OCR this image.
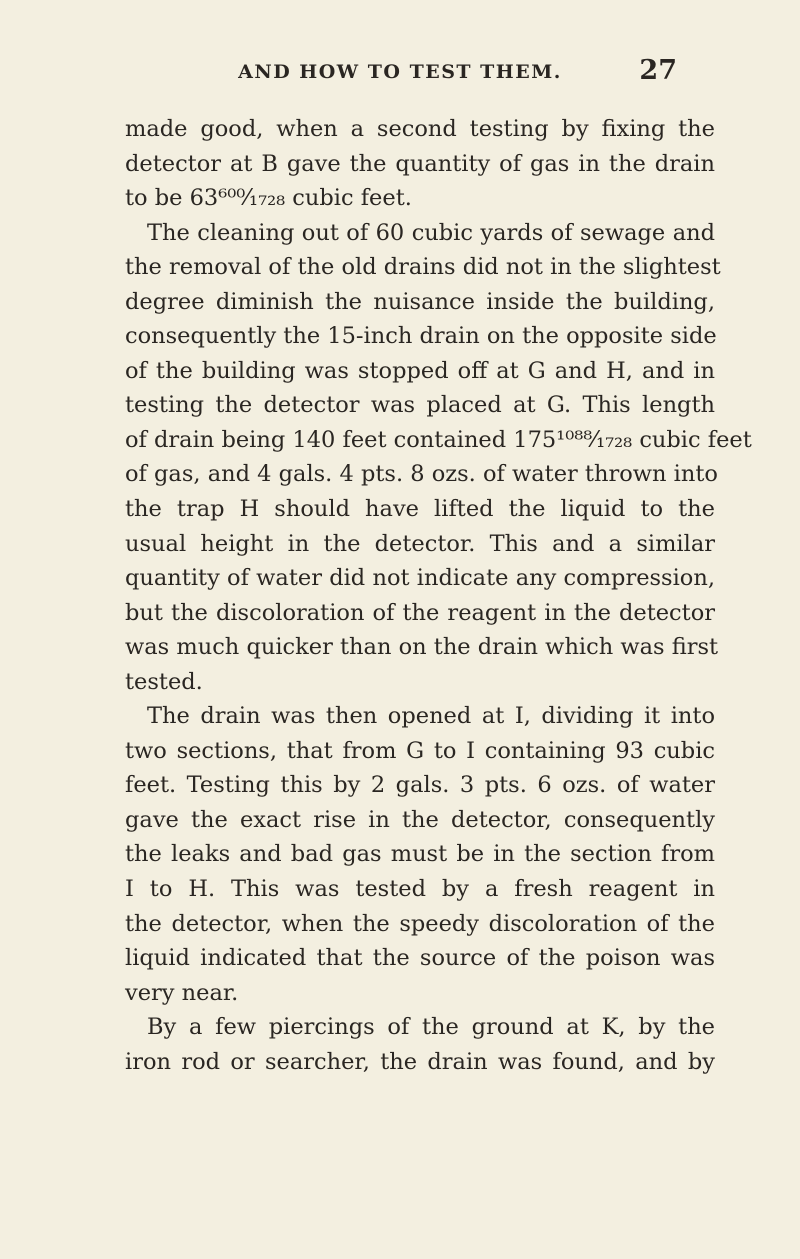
AND HOW TO TEST THEM.	27
made good, when a second testing by fixing the
detector at B gave the quantity of gas in the drain
to be 63⁶⁰⁰⁄₁₇₂₈ cubic feet.
The cleaning out of 60 cubic yards of sewage and
the removal of the old drains did not in the slightest
degree diminish the nuisance inside the building,
consequently the 15-inch drain on the opposite side
of the building was stopped off at G and H, and in
testing the detector was placed at G. This length
of drain being 140 feet contained 175¹⁰⁸⁸⁄₁₇₂₈ cubic feet
of gas, and 4 gals. 4 pts. 8 ozs. of water thrown into
the trap H should have lifted the liquid to the
usual height in the detector. This and a similar
quantity of water did not indicate any compression,
but the discoloration of the reagent in the detector
was much quicker than on the drain which was first
tested.
The drain was then opened at I, dividing it into
two sections, that from G to I containing 93 cubic
feet. Testing this by 2 gals. 3 pts. 6 ozs. of water
gave the exact rise in the detector, consequently
the leaks and bad gas must be in the section from
I to H. This was tested by a fresh reagent in
the detector, when the speedy discoloration of the
liquid indicated that the source of the poison was
very near.
By a few piercings of the ground at K, by the
iron rod or searcher, the drain was found, and by
